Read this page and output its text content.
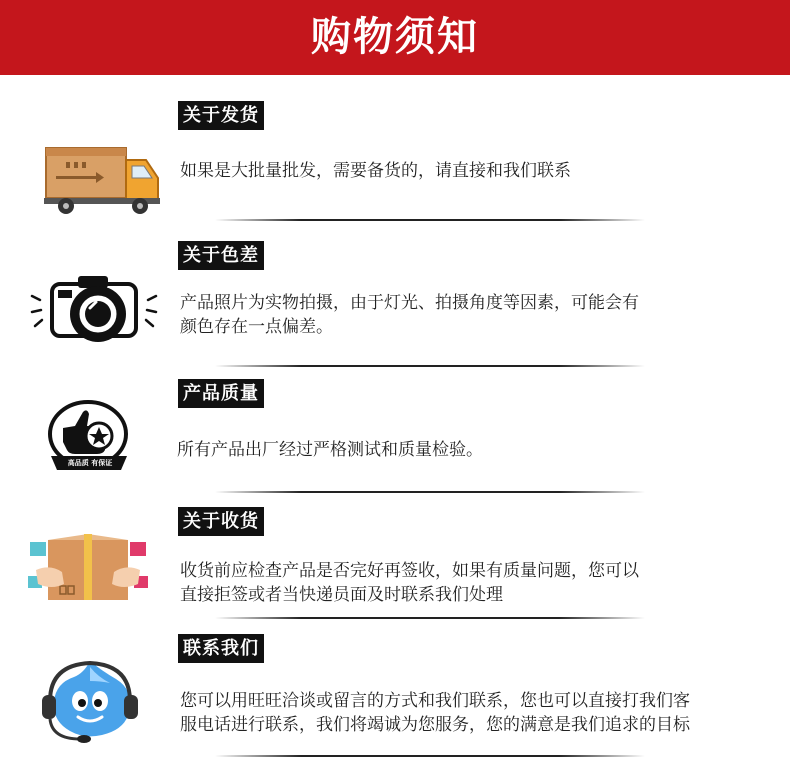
购物须知
关于发货
如果是大批量批发，需要备货的，请直接和我们联系
关于色差
产品照片为实物拍摄，由于灯光、拍摄角度等因素，可能会有
颜色存在一点偏差。
产品质量
所有产品出厂经过严格测试和质量检验。
高品质 有保证
关于收货
收货前应检查产品是否完好再签收，如果有质量问题，您可以
直接拒签或者当快递员面及时联系我们处理
联系我们
您可以用旺旺洽谈或留言的方式和我们联系，您也可以直接打我们客
服电话进行联系，我们将竭诚为您服务，您的满意是我们追求的目标
